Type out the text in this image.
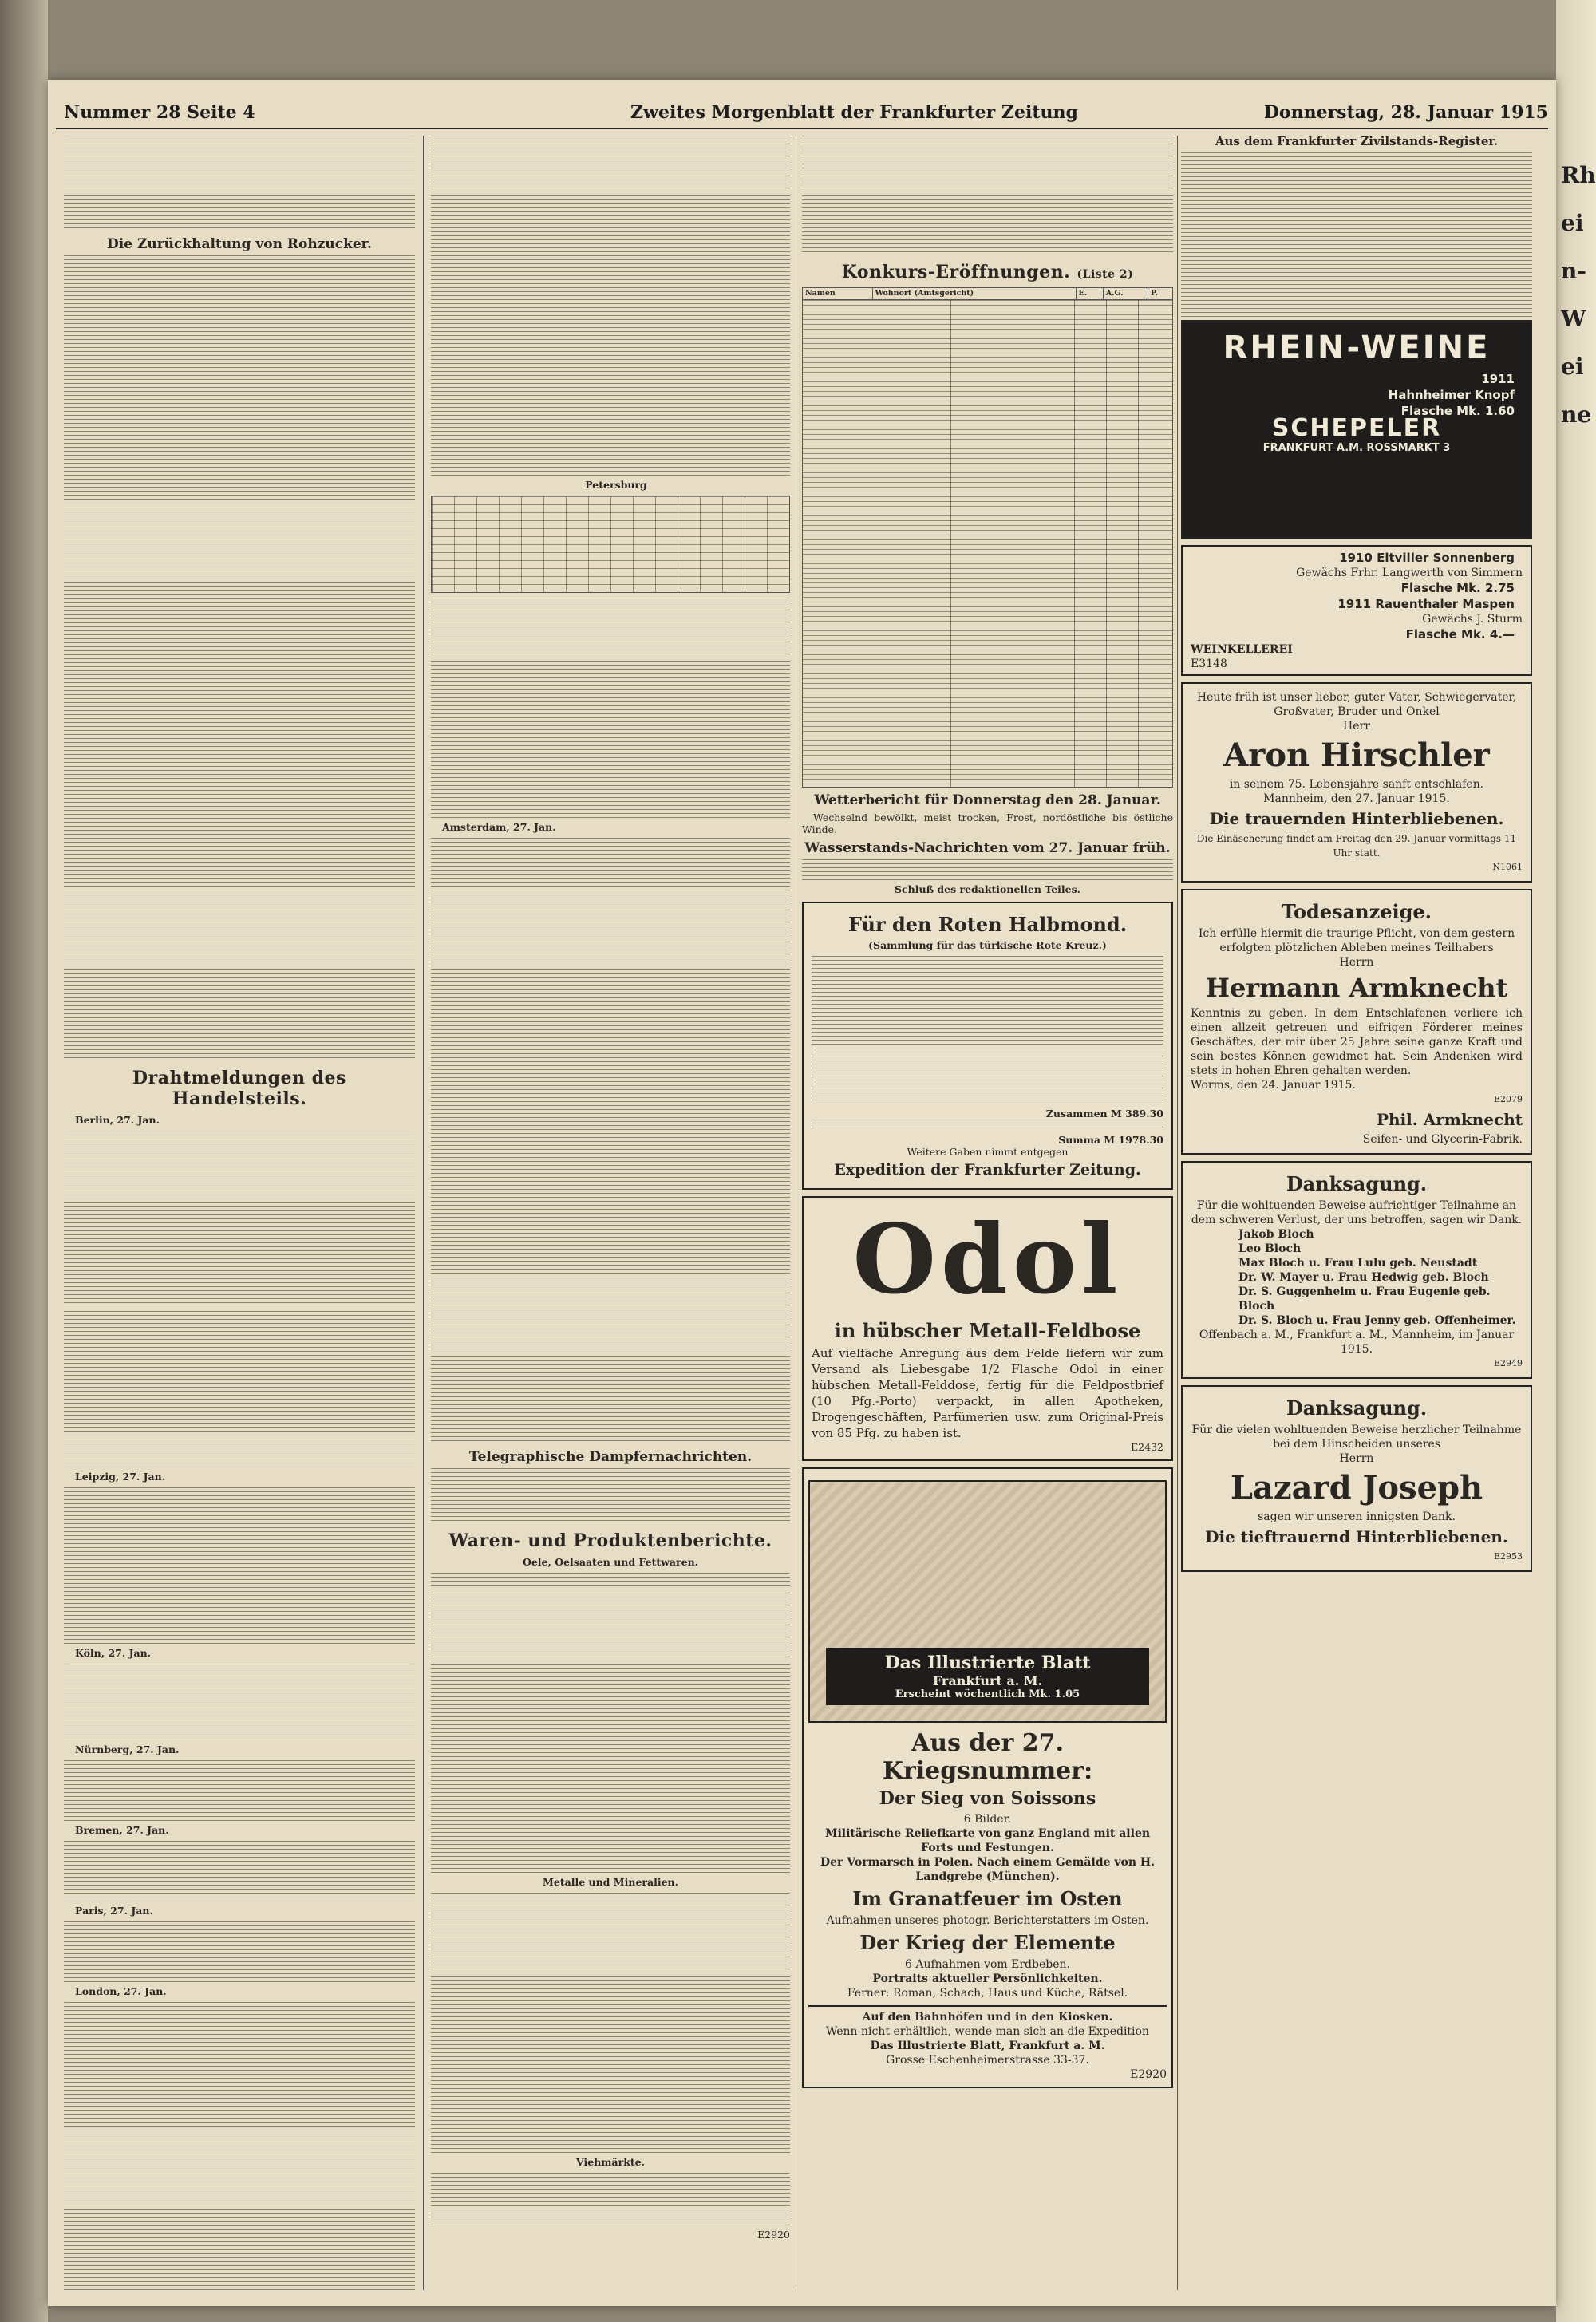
Rhein-Weine
Nummer 28 Seite 4	Zweites Morgenblatt der Frankfurter Zeitung	Donnerstag, 28. Januar 1915
Die Zurückhaltung von Rohzucker.
Drahtmeldungen des Handelsteils.

Berlin, 27. Jan.

Leipzig, 27. Jan.

Köln, 27. Jan.

Nürnberg, 27. Jan.

Bremen, 27. Jan.

Paris, 27. Jan.

London, 27. Jan.

Petersburg

Amsterdam, 27. Jan.

Telegraphische Dampfernachrichten.
Waren- und Produktenberichte.

Oele, Oelsaaten und Fettwaren.

Metalle und Mineralien.

Viehmärkte.

E2920

Konkurs-Eröffnungen. (Liste 2)
Namen	Wohnort (Amtsgericht)	E.	A.G.	P.
Wetterbericht für Donnerstag den 28. Januar.

Wechselnd bewölkt, meist trocken, Frost, nordöstliche bis östliche Winde.

Wasserstands-Nachrichten vom 27. Januar früh.

Schluß des redaktionellen Teiles.

Für den Roten Halbmond.
(Sammlung für das türkische Rote Kreuz.)
Zusammen M 389.30
Summa M 1978.30
Weitere Gaben nimmt entgegen
Expedition der Frankfurter Zeitung.
Odol
in hübscher Metall-Feldbose
Auf vielfache Anregung aus dem Felde liefern wir zum Versand als Liebesgabe 1/2 Flasche Odol in einer hübschen Metall-Felddose, fertig für die Feldpostbrief (10 Pfg.-Porto) verpackt, in allen Apotheken, Drogengeschäften, Parfümerien usw. zum Original-Preis von 85 Pfg. zu haben ist.
E2432
Das Illustrierte Blatt
Frankfurt a. M.
Erscheint wöchentlich Mk. 1.05
Aus der 27. Kriegsnummer:
Der Sieg von Soissons
6 Bilder.
Militärische Reliefkarte von ganz England mit allen Forts und Festungen.
Der Vormarsch in Polen. Nach einem Gemälde von H. Landgrebe (München).
Im Granatfeuer im Osten
Aufnahmen unseres photogr. Berichterstatters im Osten.
Der Krieg der Elemente
6 Aufnahmen vom Erdbeben.
Portraits aktueller Persönlichkeiten.
Ferner: Roman, Schach, Haus und Küche, Rätsel.
Auf den Bahnhöfen und in den Kiosken.
Wenn nicht erhältlich, wende man sich an die Expedition
Das Illustrierte Blatt, Frankfurt a. M.
Grosse Eschenheimerstrasse 33-37.
E2920

Aus dem Frankfurter Zivilstands-Register.

RHEIN-WEINE
1911
Hahnheimer Knopf
Flasche Mk. 1.60
SCHEPELER
FRANKFURT A.M. ROSSMARKT 3
1910 Eltviller Sonnenberg
Gewächs Frhr. Langwerth von Simmern
Flasche Mk. 2.75
1911 Rauenthaler Maspen
Gewächs J. Sturm
Flasche Mk. 4.—
WEINKELLEREI
E3148
Heute früh ist unser lieber, guter Vater, Schwiegervater, Großvater, Bruder und Onkel
Herr
Aron Hirschler
in seinem 75. Lebensjahre sanft entschlafen.
Mannheim, den 27. Januar 1915.
Die trauernden Hinterbliebenen.
Die Einäscherung findet am Freitag den 29. Januar vormittags 11 Uhr statt.
N1061
Todesanzeige.
Ich erfülle hiermit die traurige Pflicht, von dem gestern erfolgten plötzlichen Ableben meines Teilhabers
Herrn
Hermann Armknecht
Kenntnis zu geben. In dem Entschlafenen verliere ich einen allzeit getreuen und eifrigen Förderer meines Geschäftes, der mir über 25 Jahre seine ganze Kraft und sein bestes Können gewidmet hat. Sein Andenken wird stets in hohen Ehren gehalten werden.
Worms, den 24. Januar 1915.
E2079
Phil. Armknecht
Seifen- und Glycerin-Fabrik.
Danksagung.
Für die wohltuenden Beweise aufrichtiger Teilnahme an dem schweren Verlust, der uns betroffen, sagen wir Dank.
Jakob Bloch
Leo Bloch
Max Bloch u. Frau Lulu geb. Neustadt
Dr. W. Mayer u. Frau Hedwig geb. Bloch
Dr. S. Guggenheim u. Frau Eugenie geb. Bloch
Dr. S. Bloch u. Frau Jenny geb. Offenheimer.
Offenbach a. M., Frankfurt a. M., Mannheim, im Januar 1915.
E2949
Danksagung.
Für die vielen wohltuenden Beweise herzlicher Teilnahme bei dem Hinscheiden unseres
Herrn
Lazard Joseph
sagen wir unseren innigsten Dank.
Die tieftrauernd Hinterbliebenen.
E2953
